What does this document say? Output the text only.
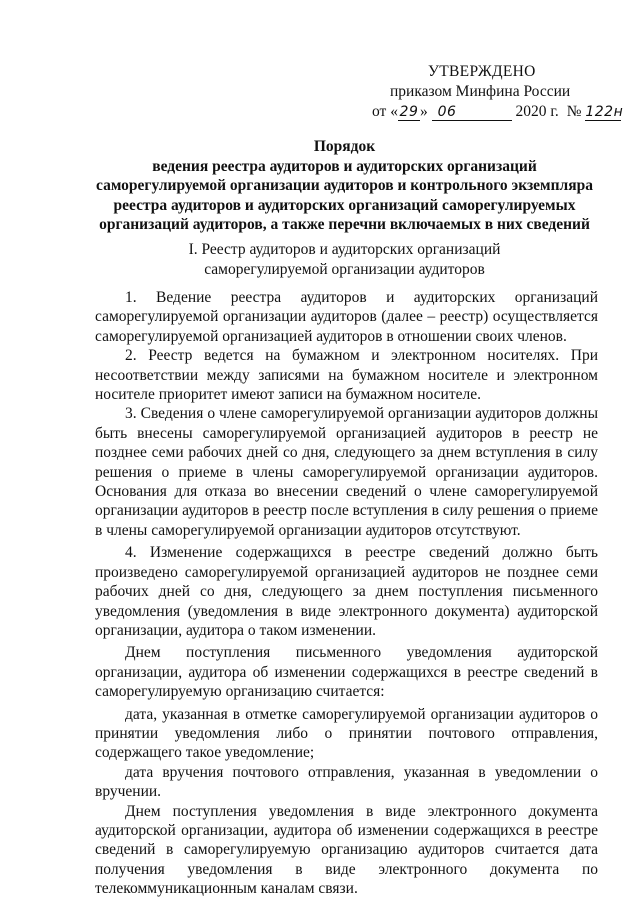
УТВЕРЖДЕНО
приказом Минфина России
от « 29 » 06	2020 г. № 122н
Порядок
ведения реестра аудиторов и аудиторских организаций
саморегулируемой организации аудиторов и контрольного экземпляра
реестра аудиторов и аудиторских организаций саморегулируемых
организаций аудиторов, а также перечни включаемых в них сведений
I. Реестр аудиторов и аудиторских организаций
саморегулируемой организации аудиторов

1. Ведение реестра аудиторов и аудиторских организаций саморегулируемой организации аудиторов (далее – реестр) осуществляется саморегулируемой организацией аудиторов в отношении своих членов.

2. Реестр ведется на бумажном и электронном носителях. При несоответствии между записями на бумажном носителе и электронном носителе приоритет имеют записи на бумажном носителе.

3. Сведения о члене саморегулируемой организации аудиторов должны быть внесены саморегулируемой организацией аудиторов в реестр не позднее семи рабочих дней со дня, следующего за днем вступления в силу решения о приеме в члены саморегулируемой организации аудиторов. Основания для отказа во внесении сведений о члене саморегулируемой организации аудиторов в реестр после вступления в силу решения о приеме в члены саморегулируемой организации аудиторов отсутствуют.

4. Изменение содержащихся в реестре сведений должно быть произведено саморегулируемой организацией аудиторов не позднее семи рабочих дней со дня, следующего за днем поступления письменного уведомления (уведомления в виде электронного документа) аудиторской организации, аудитора о таком изменении.

Днем поступления письменного уведомления аудиторской организации, аудитора об изменении содержащихся в реестре сведений в саморегулируемую организацию считается:

дата, указанная в отметке саморегулируемой организации аудиторов о принятии уведомления либо о принятии почтового отправления, содержащего такое уведомление;

дата вручения почтового отправления, указанная в уведомлении о вручении.

Днем поступления уведомления в виде электронного документа аудиторской организации, аудитора об изменении содержащихся в реестре сведений в саморегулируемую организацию аудиторов считается дата получения уведомления в виде электронного документа по телекоммуникационным каналам связи.
